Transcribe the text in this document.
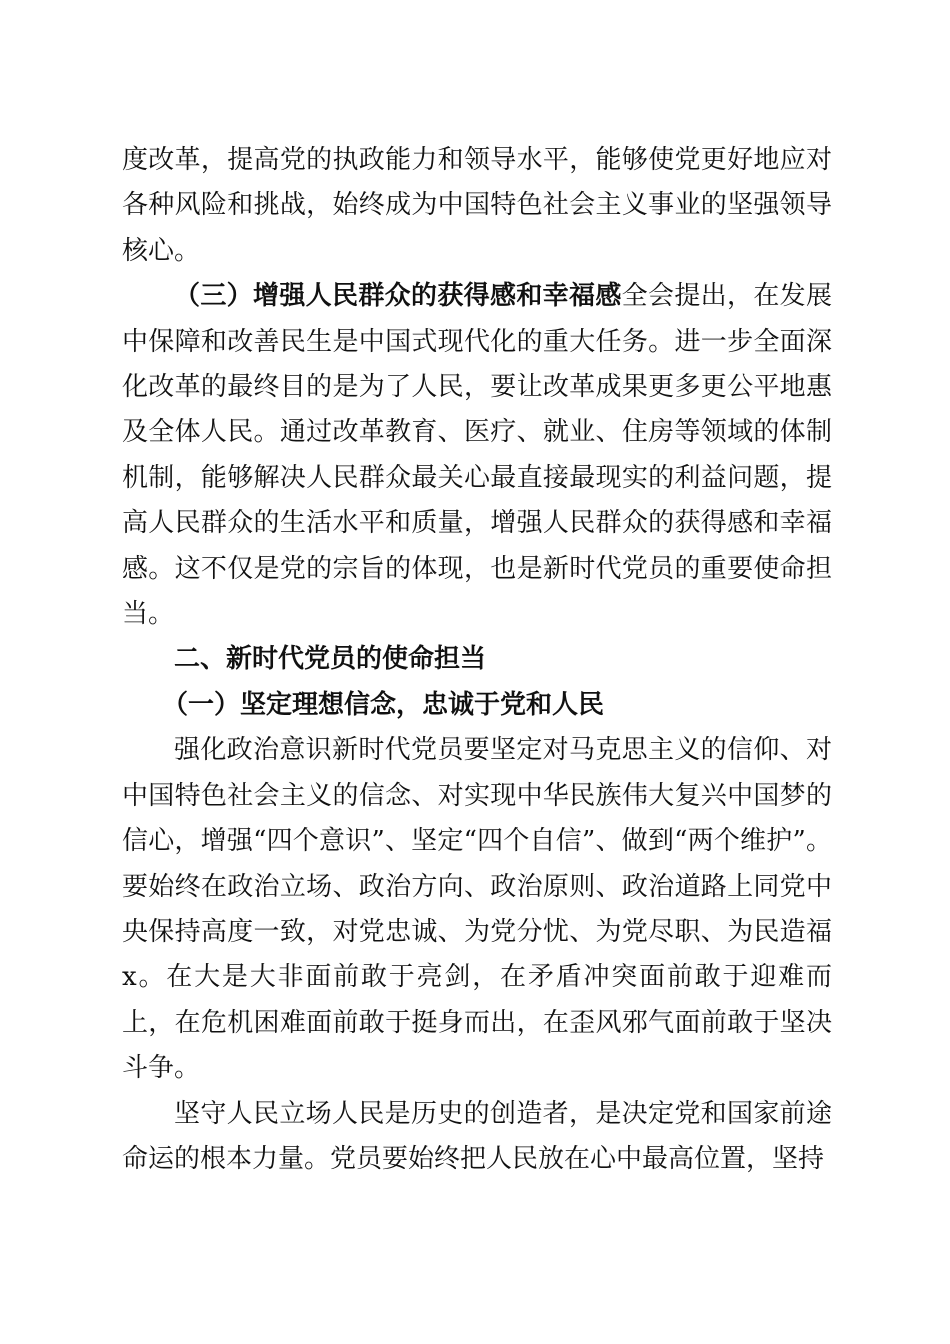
度改革，提高党的执政能力和领导水平，能够使党更好地应对各种风险和挑战，始终成为中国特色社会主义事业的坚强领导核心。

（三）增强人民群众的获得感和幸福感全会提出，在发展中保障和改善民生是中国式现代化的重大任务。进一步全面深化改革的最终目的是为了人民，要让改革成果更多更公平地惠及全体人民。通过改革教育、医疗、就业、住房等领域的体制机制，能够解决人民群众最关心最直接最现实的利益问题，提高人民群众的生活水平和质量，增强人民群众的获得感和幸福感。这不仅是党的宗旨的体现，也是新时代党员的重要使命担当。

二、新时代党员的使命担当

（一）坚定理想信念，忠诚于党和人民

强化政治意识新时代党员要坚定对马克思主义的信仰、对中国特色社会主义的信念、对实现中华民族伟大复兴中国梦的信心，增强“四个意识”、坚定“四个自信”、做到“两个维护”。要始终在政治立场、政治方向、政治原则、政治道路上同党中央保持高度一致，对党忠诚、为党分忧、为党尽职、为民造福x。在大是大非面前敢于亮剑，在矛盾冲突面前敢于迎难而上，在危机困难面前敢于挺身而出，在歪风邪气面前敢于坚决斗争。

坚守人民立场人民是历史的创造者，是决定党和国家前途命运的根本力量。党员要始终把人民放在心中最高位置，坚持
